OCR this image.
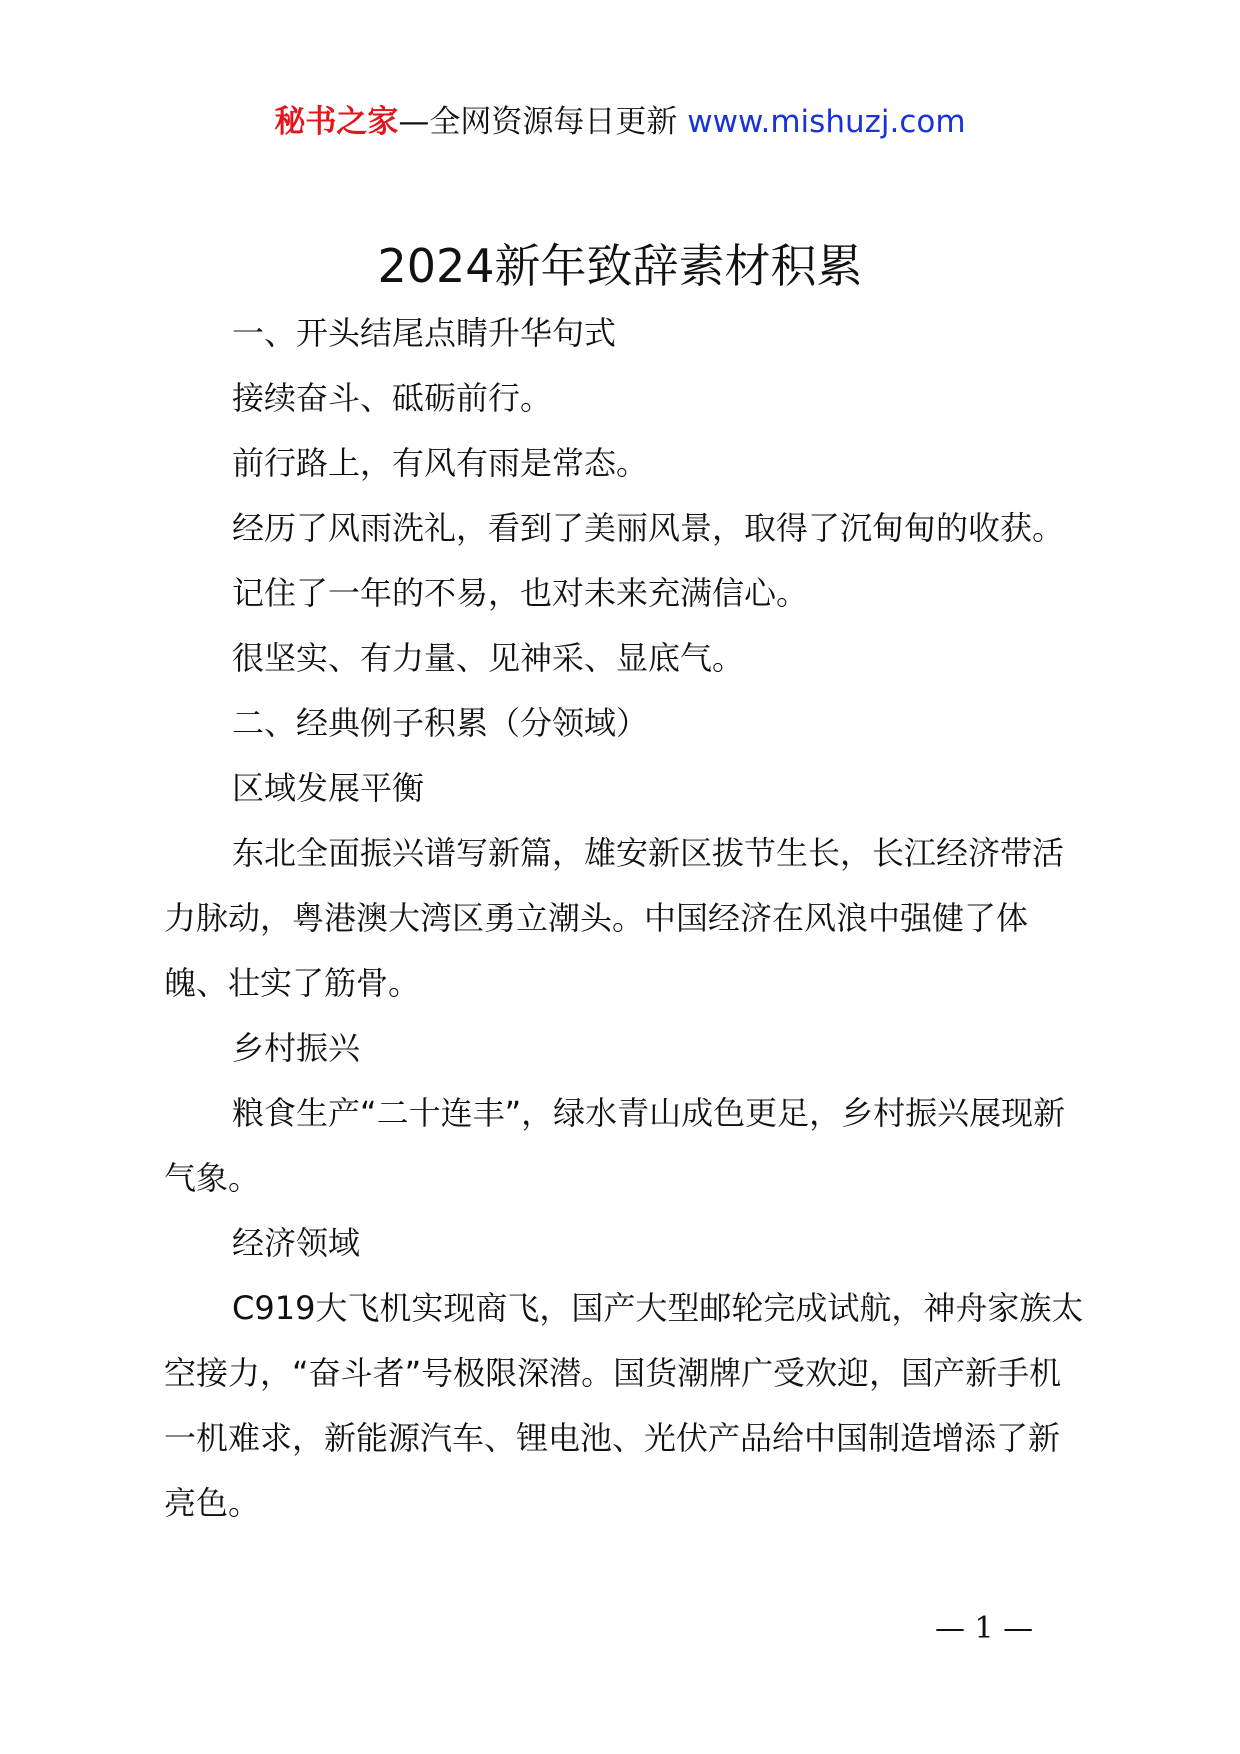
秘书之家—全网资源每日更新 www.mishuzj.com
2024新年致辞素材积累

一、开头结尾点睛升华句式

接续奋斗、砥砺前行。

前行路上，有风有雨是常态。

经历了风雨洗礼，看到了美丽风景，取得了沉甸甸的收获。

记住了一年的不易，也对未来充满信心。

很坚实、有力量、见神采、显底气。

二、经典例子积累（分领域）

区域发展平衡

东北全面振兴谱写新篇，雄安新区拔节生长，长江经济带活力脉动，粤港澳大湾区勇立潮头。中国经济在风浪中强健了体魄、壮实了筋骨。

乡村振兴

粮食生产“二十连丰”，绿水青山成色更足，乡村振兴展现新气象。

经济领域

C919大飞机实现商飞，国产大型邮轮完成试航，神舟家族太空接力，“奋斗者”号极限深潜。国货潮牌广受欢迎，国产新手机一机难求，新能源汽车、锂电池、光伏产品给中国制造增添了新亮色。

— 1 —
